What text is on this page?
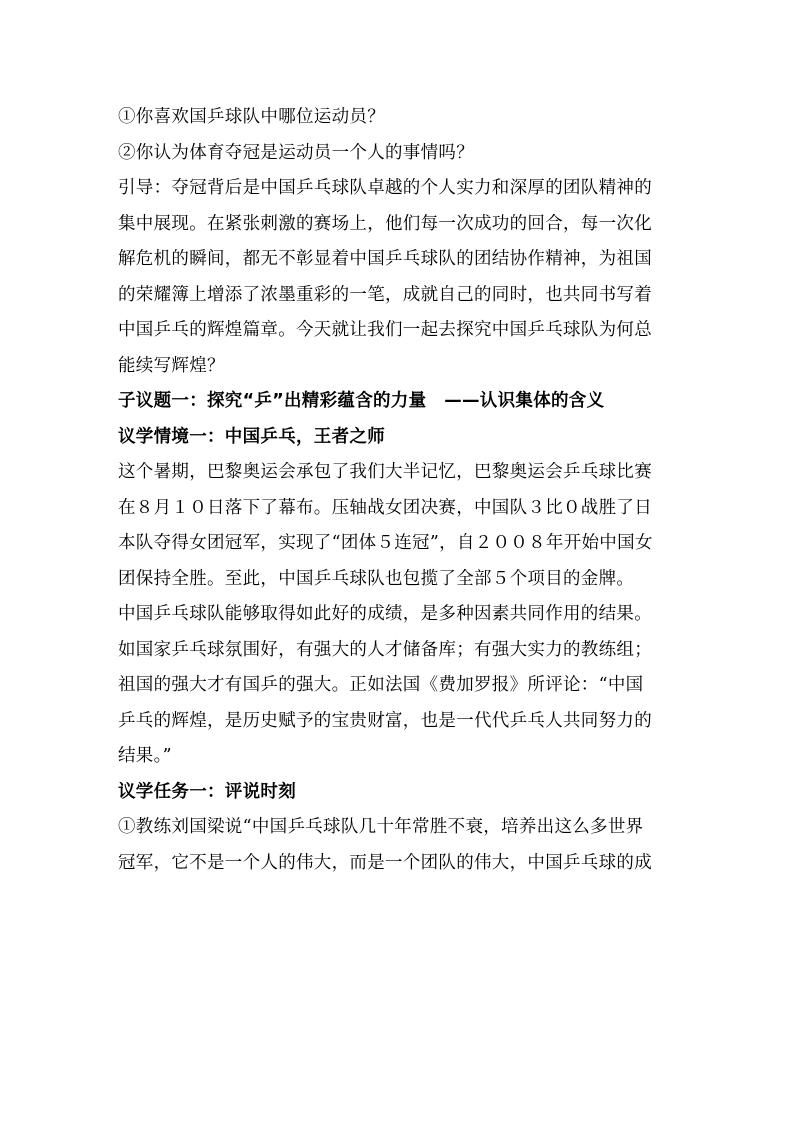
①你喜欢国乒球队中哪位运动员？
②你认为体育夺冠是运动员一个人的事情吗？
引导：夺冠背后是中国乒乓球队卓越的个人实力和深厚的团队精神的
集中展现。在紧张刺激的赛场上，他们每一次成功的回合，每一次化
解危机的瞬间，都无不彰显着中国乒乓球队的团结协作精神，为祖国
的荣耀簿上增添了浓墨重彩的一笔，成就自己的同时，也共同书写着
中国乒乓的辉煌篇章。今天就让我们一起去探究中国乒乓球队为何总
能续写辉煌？
子议题一：探究“乒”出精彩蕴含的力量　——认识集体的含义
议学情境一：中国乒乓，王者之师
这个暑期，巴黎奥运会承包了我们大半记忆，巴黎奥运会乒乓球比赛
在８月１０日落下了幕布。压轴战女团决赛，中国队３比０战胜了日
本队夺得女团冠军，实现了“团体５连冠”，自２００８年开始中国女
团保持全胜。至此，中国乒乓球队也包揽了全部５个项目的金牌。
中国乒乓球队能够取得如此好的成绩，是多种因素共同作用的结果。
如国家乒乓球氛围好，有强大的人才储备库；有强大实力的教练组；
祖国的强大才有国乒的强大。正如法国《费加罗报》所评论：“中国
乒乓的辉煌，是历史赋予的宝贵财富，也是一代代乒乓人共同努力的
结果。”
议学任务一：评说时刻
①教练刘国梁说“中国乒乓球队几十年常胜不衰，培养出这么多世界
冠军，它不是一个人的伟大，而是一个团队的伟大，中国乒乓球的成
